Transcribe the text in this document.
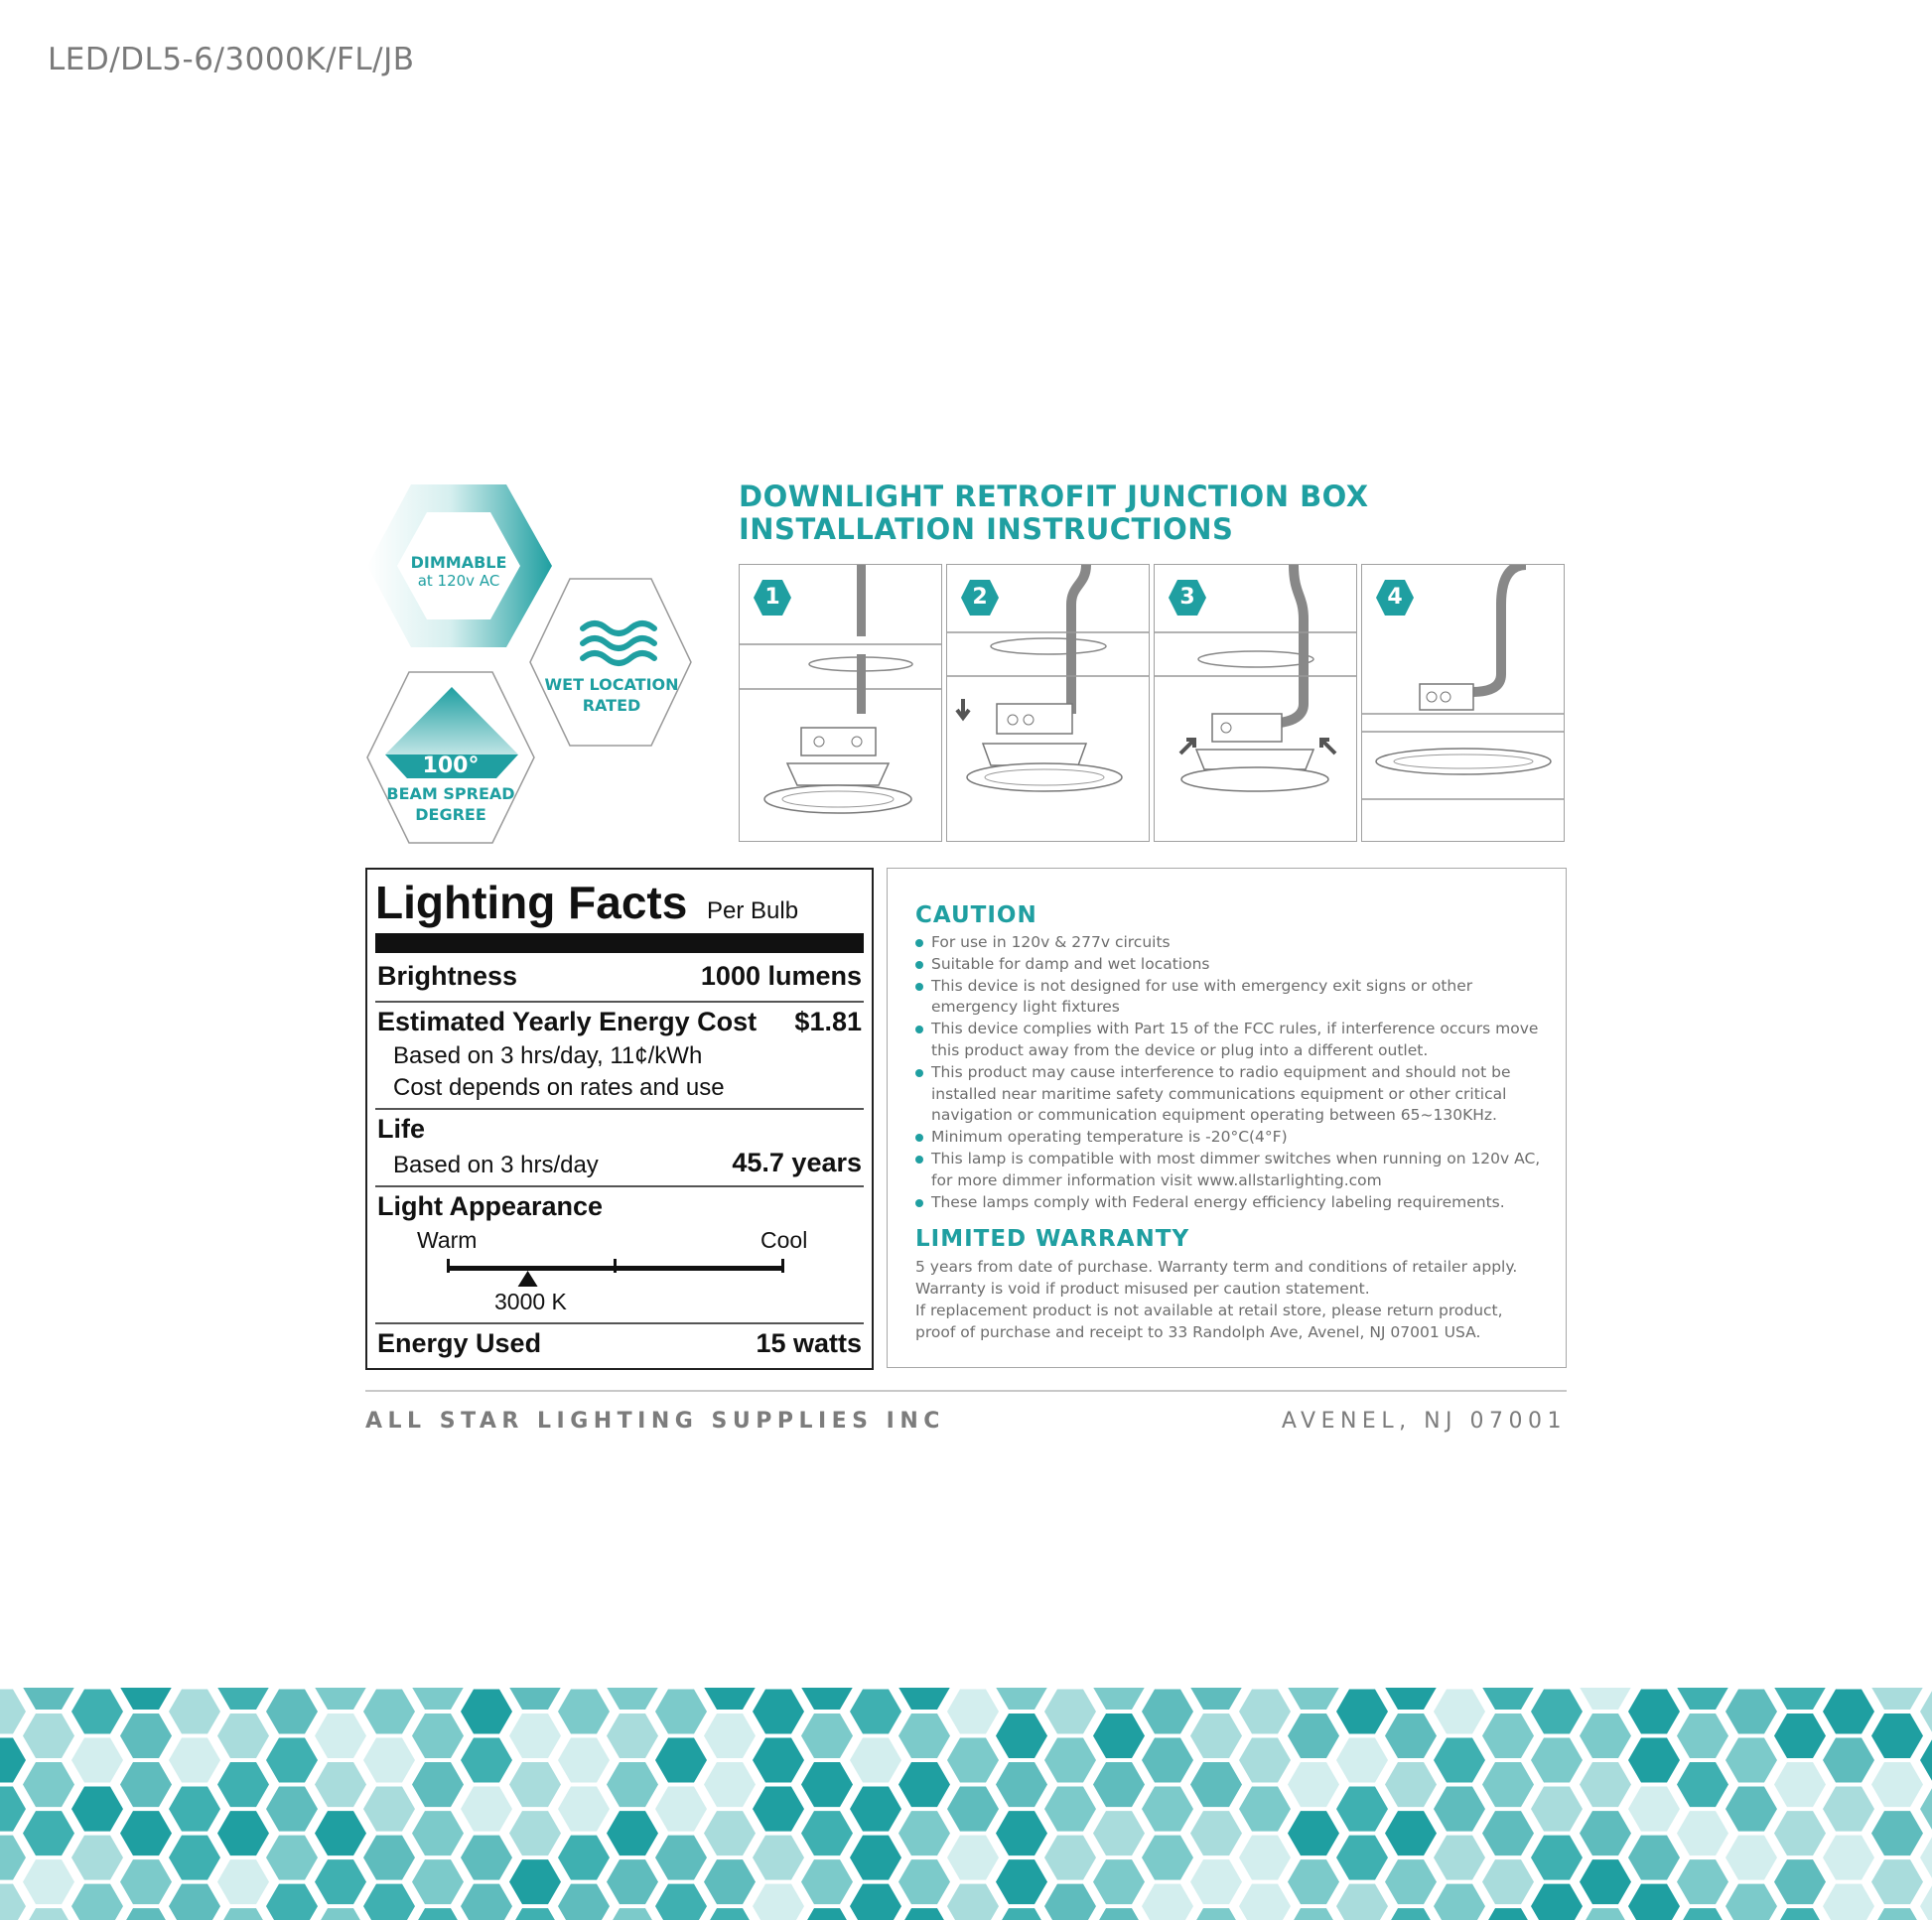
LED/DL5-6/3000K/FL/JB
DIMMABLE
at 120v AC
WET LOCATION
RATED
100°
BEAM SPREAD
DEGREE
DOWNLIGHT RETROFIT JUNCTION BOX
INSTALLATION INSTRUCTIONS
1	2	3	4
Lighting Facts Per Bulb
Brightness	1000 lumens
Estimated Yearly Energy Cost $1.81
Based on 3 hrs/day, 11¢/kWh
Cost depends on rates and use
Life
Based on 3 hrs/day	45.7 years
Light Appearance
Warm	Cool
3000 K
Energy Used	15 watts
CAUTION
For use in 120v & 277v circuits
Suitable for damp and wet locations
This device is not designed for use with emergency exit signs or other emergency light fixtures
This device complies with Part 15 of the FCC rules, if interference occurs move this product away from the device or plug into a different outlet.
This product may cause interference to radio equipment and should not be installed near maritime safety communications equipment or other critical navigation or communication equipment operating between 65~130KHz.
Minimum operating temperature is -20°C(4°F)
This lamp is compatible with most dimmer switches when running on 120v AC, for more dimmer information visit www.allstarlighting.com
These lamps comply with Federal energy efficiency labeling requirements.
LIMITED WARRANTY
5 years from date of purchase. Warranty term and conditions of retailer apply.
Warranty is void if product misused per caution statement.
If replacement product is not available at retail store, please return product,
proof of purchase and receipt to 33 Randolph Ave, Avenel, NJ 07001 USA.
ALL STAR LIGHTING SUPPLIES INC	AVENEL, NJ 07001
